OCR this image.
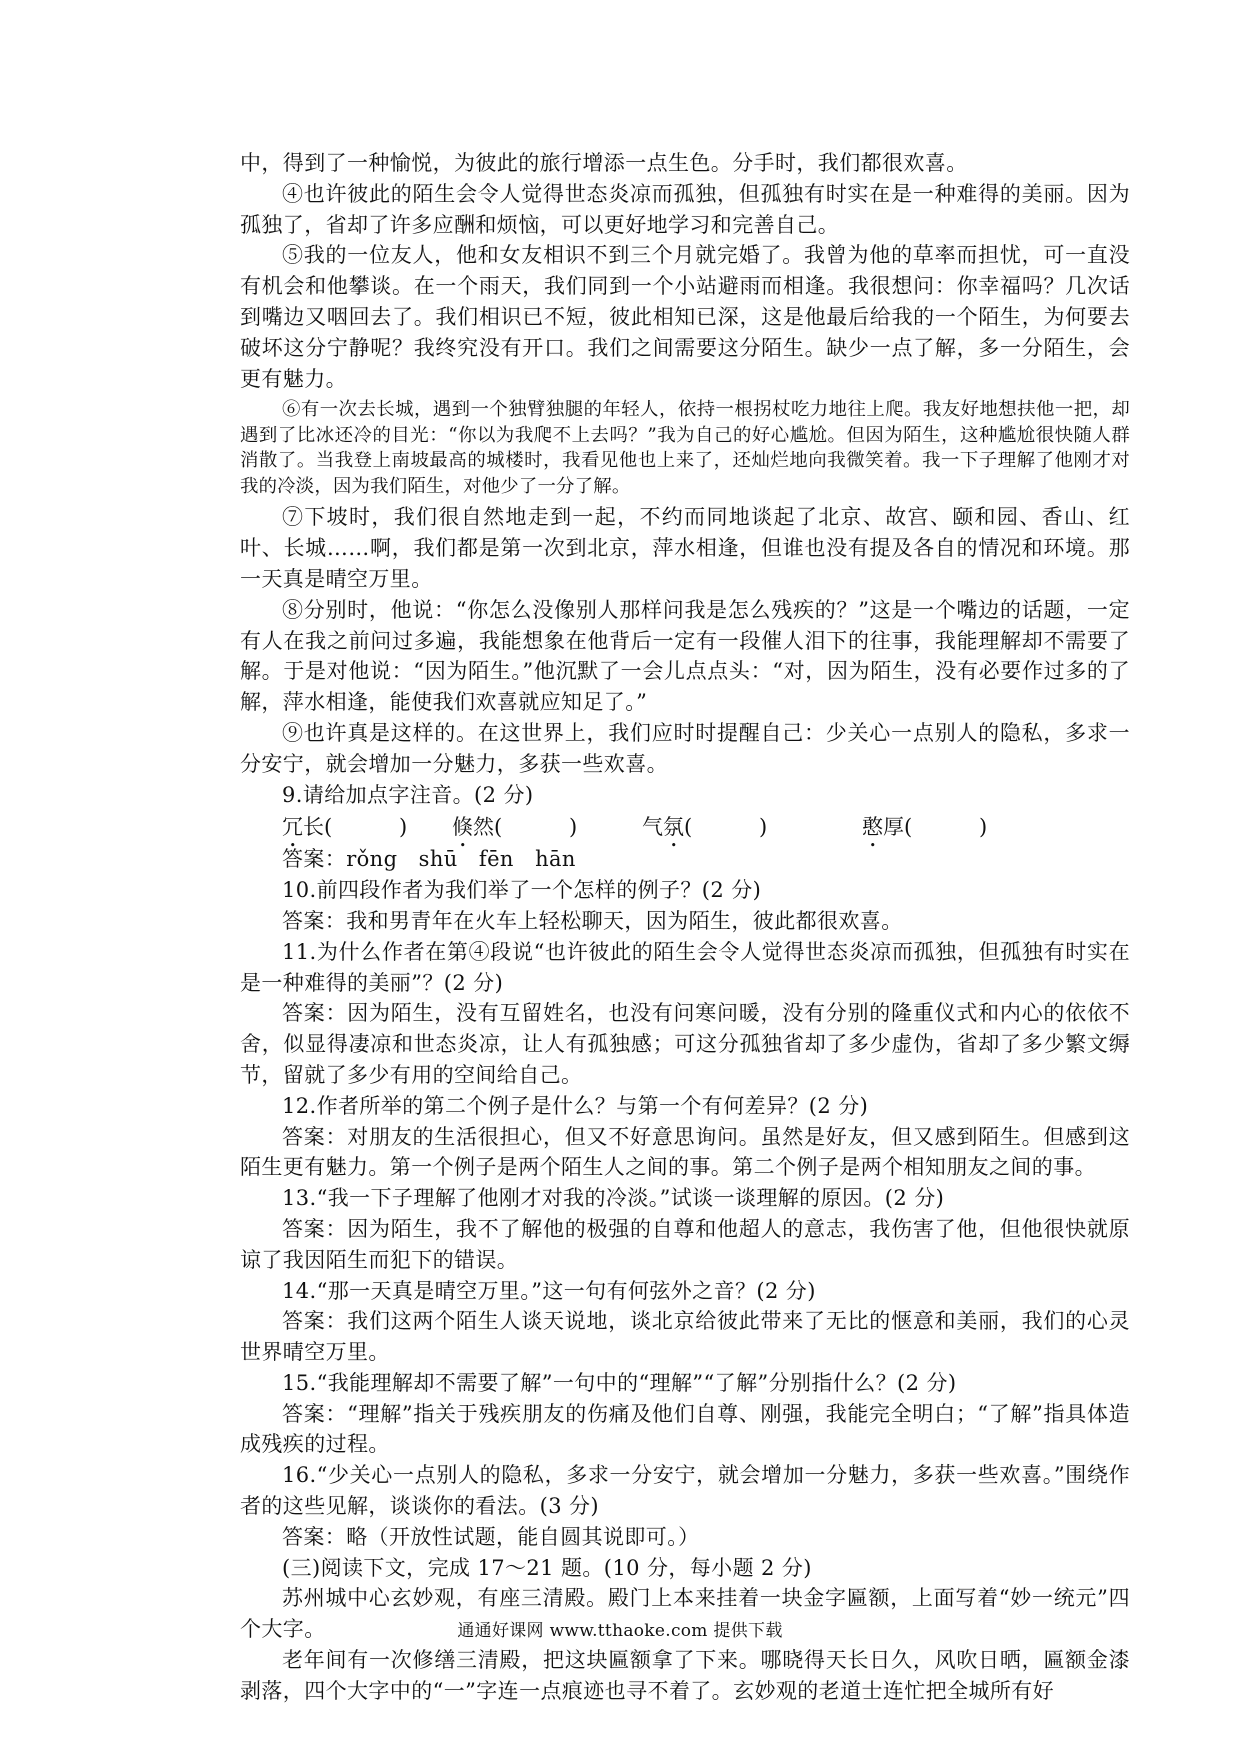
中，得到了一种愉悦，为彼此的旅行增添一点生色。分手时，我们都很欢喜。

④也许彼此的陌生会令人觉得世态炎凉而孤独，但孤独有时实在是一种难得的美丽。因为孤独了，省却了许多应酬和烦恼，可以更好地学习和完善自己。

⑤我的一位友人，他和女友相识不到三个月就完婚了。我曾为他的草率而担忧，可一直没有机会和他攀谈。在一个雨天，我们同到一个小站避雨而相逢。我很想问：你幸福吗？几次话到嘴边又咽回去了。我们相识已不短，彼此相知已深，这是他最后给我的一个陌生，为何要去破坏这分宁静呢？我终究没有开口。我们之间需要这分陌生。缺少一点了解，多一分陌生，会更有魅力。

⑥有一次去长城，遇到一个独臂独腿的年轻人，依持一根拐杖吃力地往上爬。我友好地想扶他一把，却遇到了比冰还冷的目光：“你以为我爬不上去吗？”我为自己的好心尴尬。但因为陌生，这种尴尬很快随人群消散了。当我登上南坡最高的城楼时，我看见他也上来了，还灿烂地向我微笑着。我一下子理解了他刚才对我的冷淡，因为我们陌生，对他少了一分了解。

⑦下坡时，我们很自然地走到一起，不约而同地谈起了北京、故宫、颐和园、香山、红叶、长城……啊，我们都是第一次到北京，萍水相逢，但谁也没有提及各自的情况和环境。那一天真是晴空万里。

⑧分别时，他说：“你怎么没像别人那样问我是怎么残疾的？”这是一个嘴边的话题，一定有人在我之前问过多遍，我能想象在他背后一定有一段催人泪下的往事，我能理解却不需要了解。于是对他说：“因为陌生。”他沉默了一会儿点点头：“对，因为陌生，没有必要作过多的了解，萍水相逢，能使我们欢喜就应知足了。”

⑨也许真是这样的。在这世界上，我们应时时提醒自己：少关心一点别人的隐私，多求一分安宁，就会增加一分魅力，多获一些欢喜。

9.请给加点字注音。(2 分)

冗长(          )	倏然(          )	气氛(          )	憨厚(          )
答案：rǒng   shū   fēn   hān

10.前四段作者为我们举了一个怎样的例子？(2 分)

答案：我和男青年在火车上轻松聊天，因为陌生，彼此都很欢喜。

11.为什么作者在第④段说“也许彼此的陌生会令人觉得世态炎凉而孤独，但孤独有时实在是一种难得的美丽”？(2 分)

答案：因为陌生，没有互留姓名，也没有问寒问暖，没有分别的隆重仪式和内心的依依不舍，似显得凄凉和世态炎凉，让人有孤独感；可这分孤独省却了多少虚伪，省却了多少繁文缛节，留就了多少有用的空间给自己。

12.作者所举的第二个例子是什么？与第一个有何差异？(2 分)

答案：对朋友的生活很担心，但又不好意思询问。虽然是好友，但又感到陌生。但感到这陌生更有魅力。第一个例子是两个陌生人之间的事。第二个例子是两个相知朋友之间的事。

13.“我一下子理解了他刚才对我的冷淡。”试谈一谈理解的原因。(2 分)

答案：因为陌生，我不了解他的极强的自尊和他超人的意志，我伤害了他，但他很快就原谅了我因陌生而犯下的错误。

14.“那一天真是晴空万里。”这一句有何弦外之音？(2 分)

答案：我们这两个陌生人谈天说地，谈北京给彼此带来了无比的惬意和美丽，我们的心灵世界晴空万里。

15.“我能理解却不需要了解”一句中的“理解”“了解”分别指什么？(2 分)

答案：“理解”指关于残疾朋友的伤痛及他们自尊、刚强，我能完全明白；“了解”指具体造成残疾的过程。

16.“少关心一点别人的隐私，多求一分安宁，就会增加一分魅力，多获一些欢喜。”围绕作者的这些见解，谈谈你的看法。(3 分)

答案：略（开放性试题，能自圆其说即可。）

(三)阅读下文，完成 17～21 题。(10 分，每小题 2 分)

苏州城中心玄妙观，有座三清殿。殿门上本来挂着一块金字匾额，上面写着“妙一统元”四个大字。

老年间有一次修缮三清殿，把这块匾额拿了下来。哪晓得天长日久，风吹日晒，匾额金漆剥落，四个大字中的“一”字连一点痕迹也寻不着了。玄妙观的老道士连忙把全城所有好

通通好课网 www.tthaoke.com 提供下载
